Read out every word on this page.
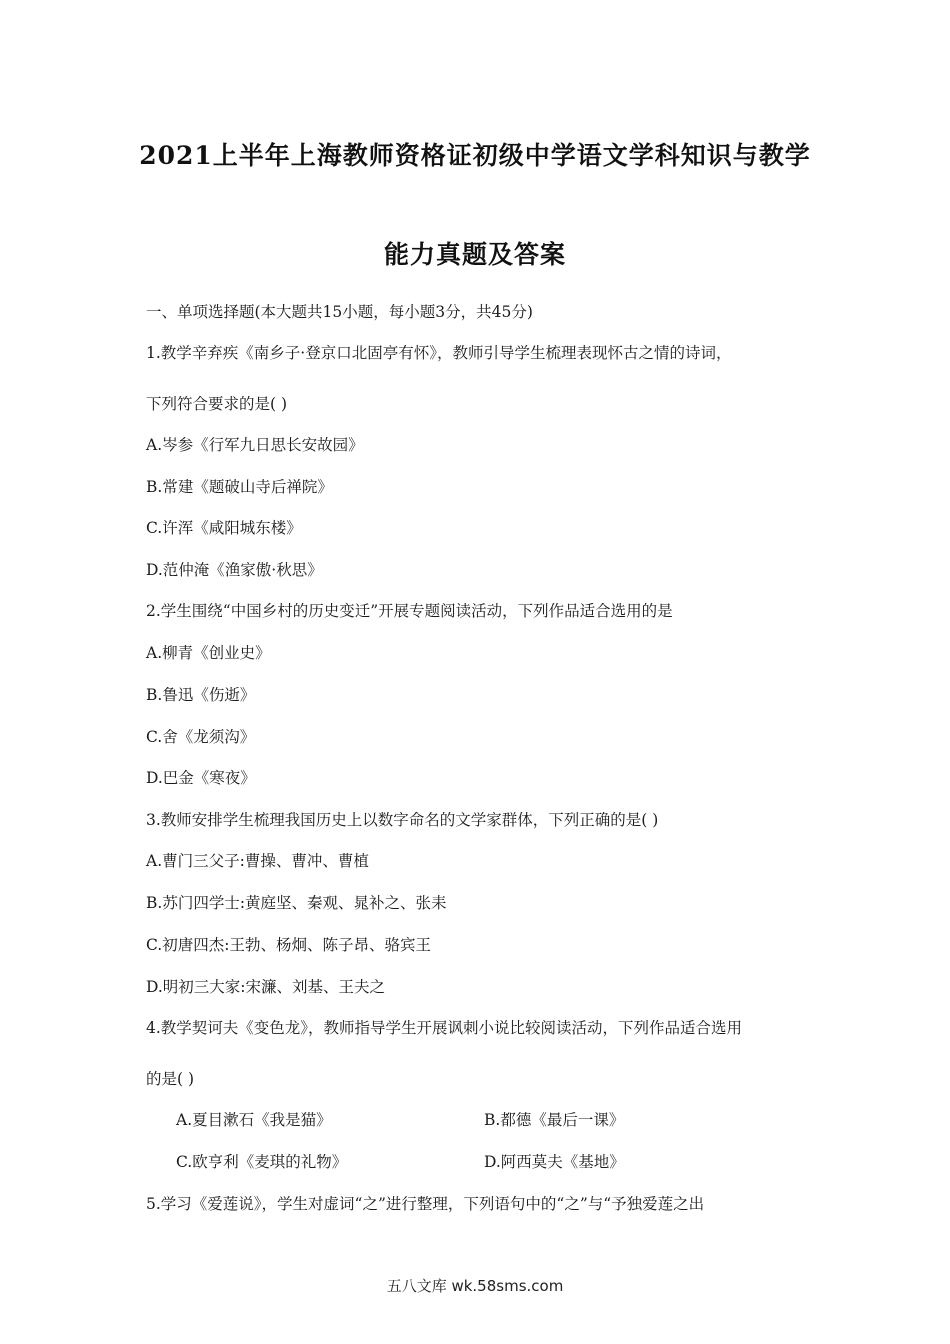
2021上半年上海教师资格证初级中学语文学科知识与教学
能力真题及答案
一、单项选择题(本大题共15小题，每小题3分，共45分)
1.教学辛弃疾《南乡子·登京口北固亭有怀》，教师引导学生梳理表现怀古之情的诗词，
下列符合要求的是( )
A.岑参《行军九日思长安故园》
B.常建《题破山寺后禅院》
C.许浑《咸阳城东楼》
D.范仲淹《渔家傲·秋思》
2.学生围绕“中国乡村的历史变迁”开展专题阅读活动，下列作品适合选用的是
A.柳青《创业史》
B.鲁迅《伤逝》
C.舍《龙须沟》
D.巴金《寒夜》
3.教师安排学生梳理我国历史上以数字命名的文学家群体，下列正确的是( )
A.曹门三父子:曹操、曹冲、曹植
B.苏门四学士:黄庭坚、秦观、晁补之、张耒
C.初唐四杰:王勃、杨炯、陈子昂、骆宾王
D.明初三大家:宋濂、刘基、王夫之
4.教学契诃夫《变色龙》，教师指导学生开展讽刺小说比较阅读活动，下列作品适合选用
的是( )
A.夏目漱石《我是猫》	B.都德《最后一课》
C.欧亨利《麦琪的礼物》	D.阿西莫夫《基地》
5.学习《爱莲说》，学生对虚词“之”进行整理，下列语句中的“之”与“予独爱莲之出
五八文库 wk.58sms.com
